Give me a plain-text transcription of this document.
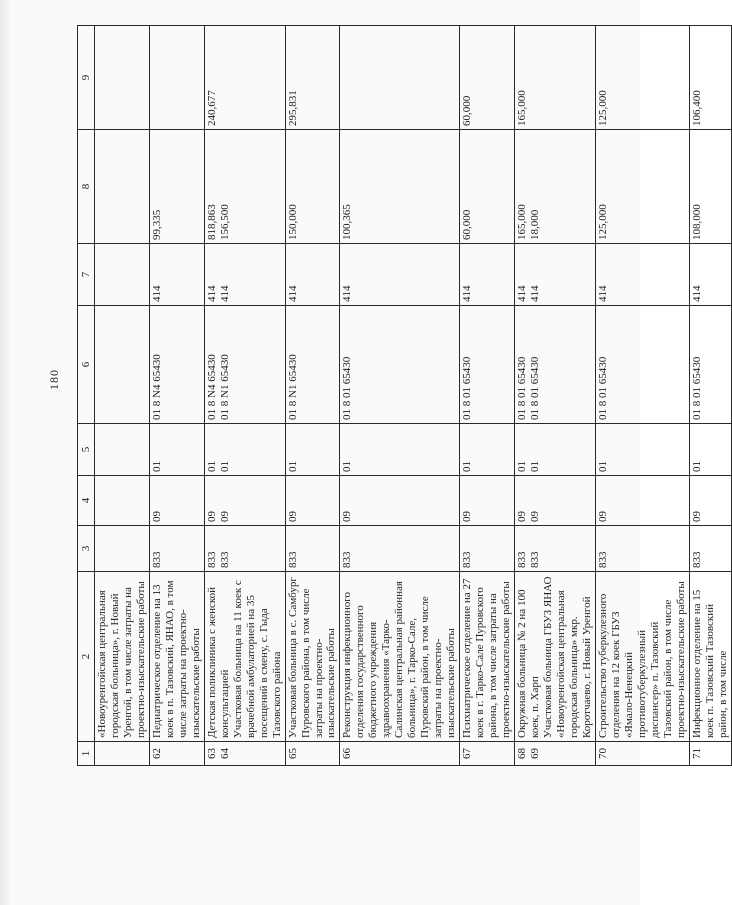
180
1	2	3	4	5	6	7	8	9

	«Новоуренгойская центральная городская больница», г. Новый Уренгой, в том числе затраты на проектно-изыскательские работы							

62	Педиатрическое отделение на 13 коек в п. Тазовский, ЯНАО, в том числе затраты на проектно-изыскательские работы	833	09	01	01 8 N4 65430	414	99,335	

63 64	Детская поликлиника с женской консультацией Участковая больница на 11 коек с врачебной амбулаторией на 35 посещений в смену, с. Гыда Тазовского района	833 833	09 09	01 01	01 8 N4 65430 01 8 N1 65430	414 414	818,863 156,500	240,677

65	Участковая больница в с. Самбург Пуровского района, в том числе затраты на проектно-изыскательские работы	833	09	01	01 8 N1 65430	414	150,000	295,831

66	Реконструкция инфекционного отделения государственного бюджетного учреждения здравоохранения «Тарко-Салинская центральная районная больница», г. Тарко-Сале, Пуровский район, в том числе затраты на проектно-изыскательские работы	833	09	01	01 8 01 65430	414	100,365	

67	Психиатрическое отделение на 27 коек в г. Тарко-Сале Пуровского района, в том числе затраты на проектно-изыскательские работы	833	09	01	01 8 01 65430	414	60,000	60,000

68 69	Окружная больница № 2 на 100 коек, п. Харп Участковая больница ГБУЗ ЯНАО «Новоуренгойская центральная городская больница» мкр. Коротчаево, г. Новый Уренгой	833 833	09 09	01 01	01 8 01 65430 01 8 01 65430	414 414	165,000 18,000	165,000

70	Строительство туберкулезного отделения на 12 коек ГБУЗ «Ямало-Ненецкий противотуберкулезный диспансер» п. Тазовский Тазовский район, в том числе проектно-изыскательские работы	833	09	01	01 8 01 65430	414	125,000	125,000

71	Инфекционное отделение на 15 коек п. Тазовский Тазовский район, в том числе	833	09	01	01 8 01 65430	414	108,000	106,400
